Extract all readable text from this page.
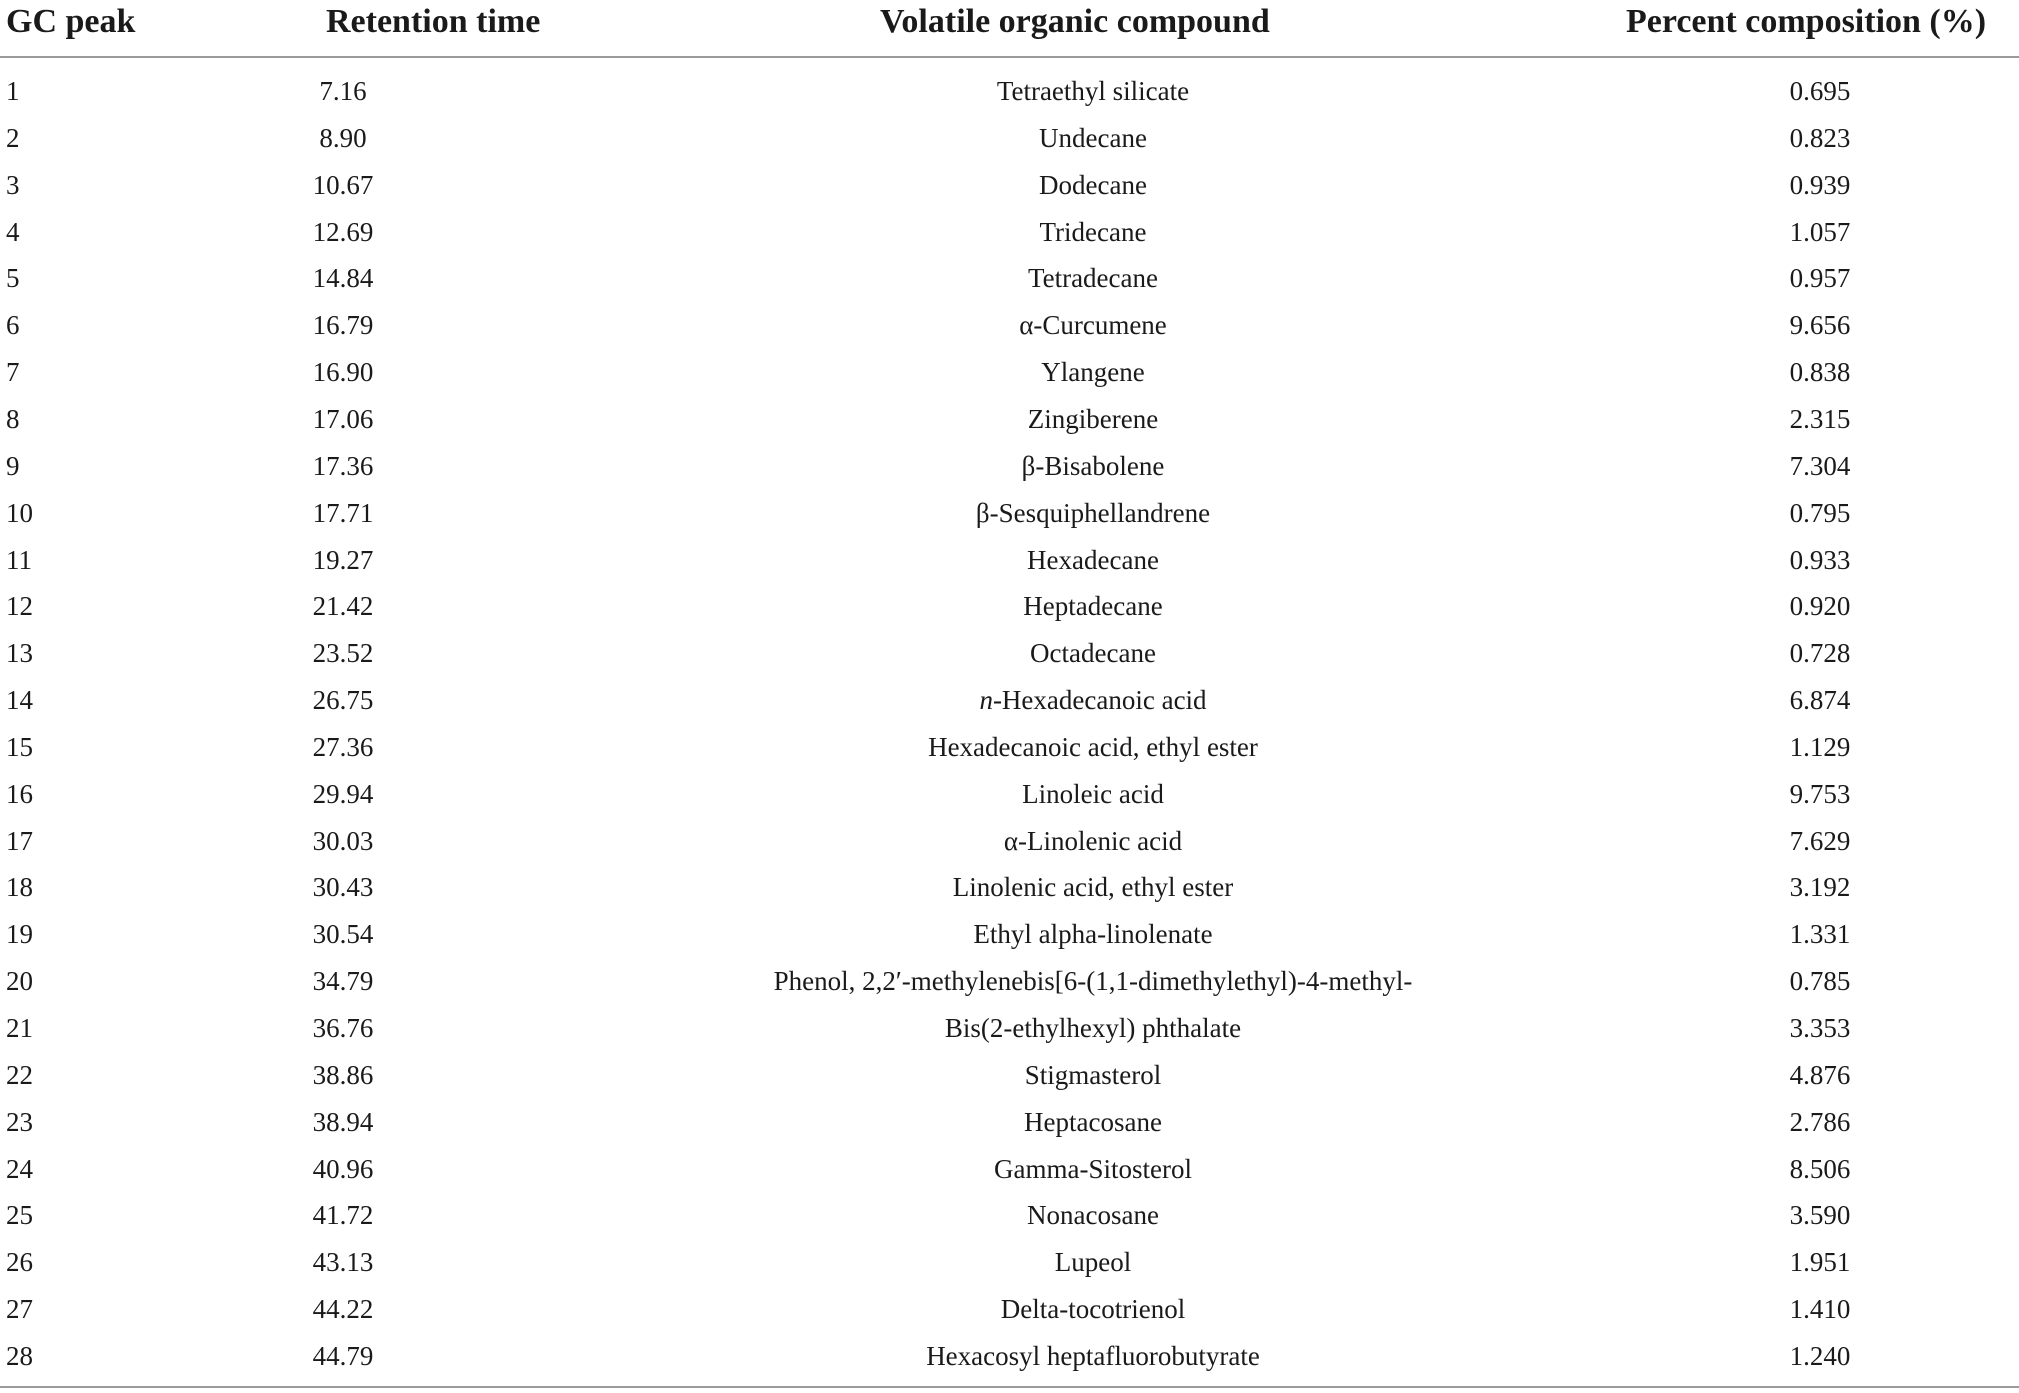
GC peak	Retention time	Volatile organic compound	Percent composition (%)
1	7.16	Tetraethyl silicate	0.695
2	8.90	Undecane	0.823
3	10.67	Dodecane	0.939
4	12.69	Tridecane	1.057
5	14.84	Tetradecane	0.957
6	16.79	α-Curcumene	9.656
7	16.90	Ylangene	0.838
8	17.06	Zingiberene	2.315
9	17.36	β-Bisabolene	7.304
10	17.71	β-Sesquiphellandrene	0.795
11	19.27	Hexadecane	0.933
12	21.42	Heptadecane	0.920
13	23.52	Octadecane	0.728
14	26.75	n-Hexadecanoic acid	6.874
15	27.36	Hexadecanoic acid, ethyl ester	1.129
16	29.94	Linoleic acid	9.753
17	30.03	α-Linolenic acid	7.629
18	30.43	Linolenic acid, ethyl ester	3.192
19	30.54	Ethyl alpha-linolenate	1.331
20	34.79	Phenol, 2,2′-methylenebis[6-(1,1-dimethylethyl)-4-methyl-	0.785
21	36.76	Bis(2-ethylhexyl) phthalate	3.353
22	38.86	Stigmasterol	4.876
23	38.94	Heptacosane	2.786
24	40.96	Gamma-Sitosterol	8.506
25	41.72	Nonacosane	3.590
26	43.13	Lupeol	1.951
27	44.22	Delta-tocotrienol	1.410
28	44.79	Hexacosyl heptafluorobutyrate	1.240
